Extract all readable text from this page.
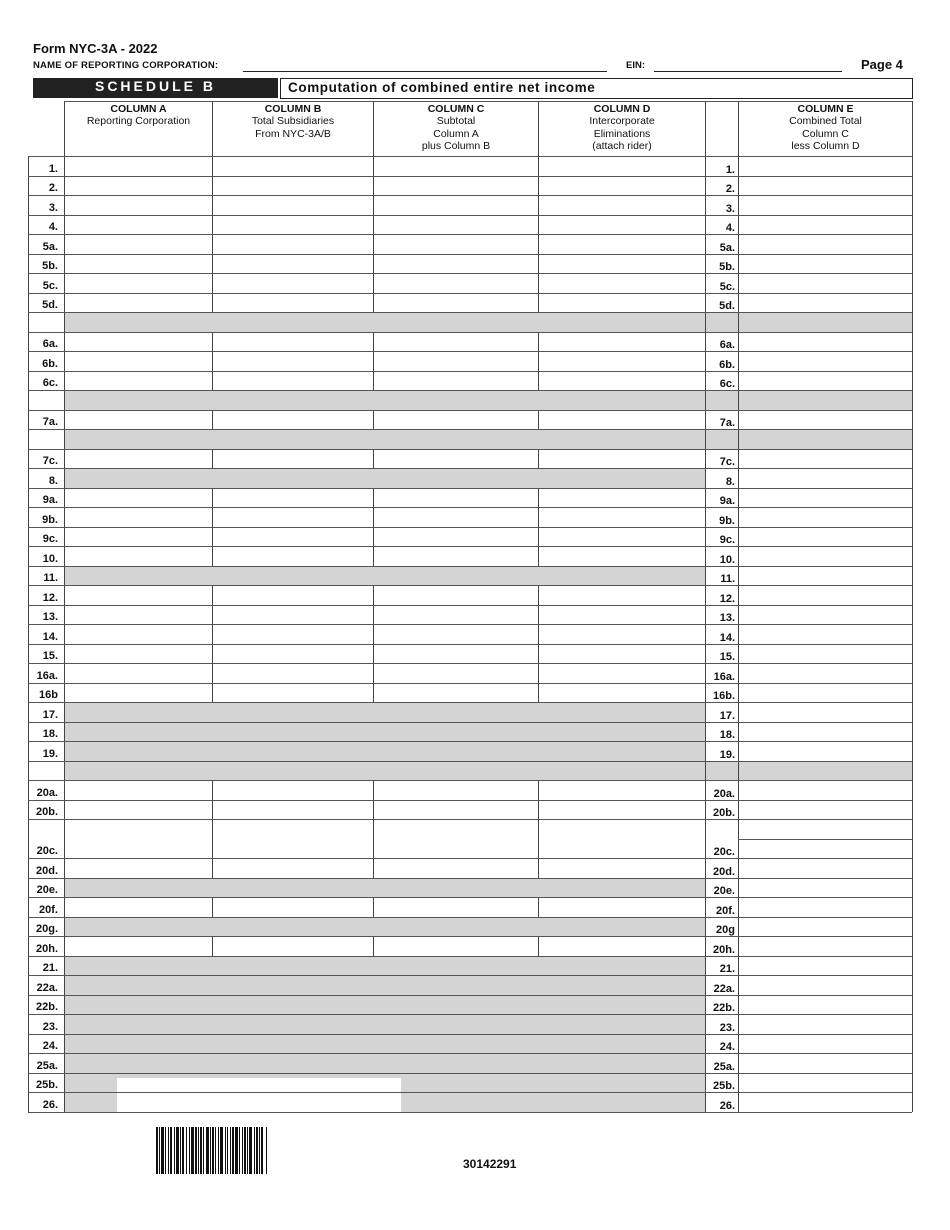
Form NYC-3A - 2022
NAME OF REPORTING CORPORATION:	EIN:	Page 4
SCHEDULE B	Computation of combined entire net income
COLUMN A
Reporting Corporation
COLUMN B
Total Subsidiaries
From NYC-3A/B
COLUMN C
Subtotal
Column A
plus Column B
COLUMN D
Intercorporate
Eliminations
(attach rider)
COLUMN E
Combined Total
Column C
less Column D
1.	1.
2.	2.
3.	3.
4.	4.
5a.	5a.
5b.	5b.
5c.	5c.
5d.	5d.
6a.	6a.
6b.	6b.
6c.	6c.
7a.	7a.
7c.	7c.
8.	8.
9a.	9a.
9b.	9b.
9c.	9c.
10.	10.
11.	11.
12.	12.
13.	13.
14.	14.
15.	15.
16a.	16a.
16b	16b.
17.	17.
18.	18.
19.	19.
20a.	20a.
20b.	20b.
20c.	20c.
20d.	20d.
20e.	20e.
20f.	20f.
20g.	20g
20h.	20h.
21.	21.
22a.	22a.
22b.	22b.
23.	23.
24.	24.
25a.	25a.
25b.	25b.
26.	26.
30142291
